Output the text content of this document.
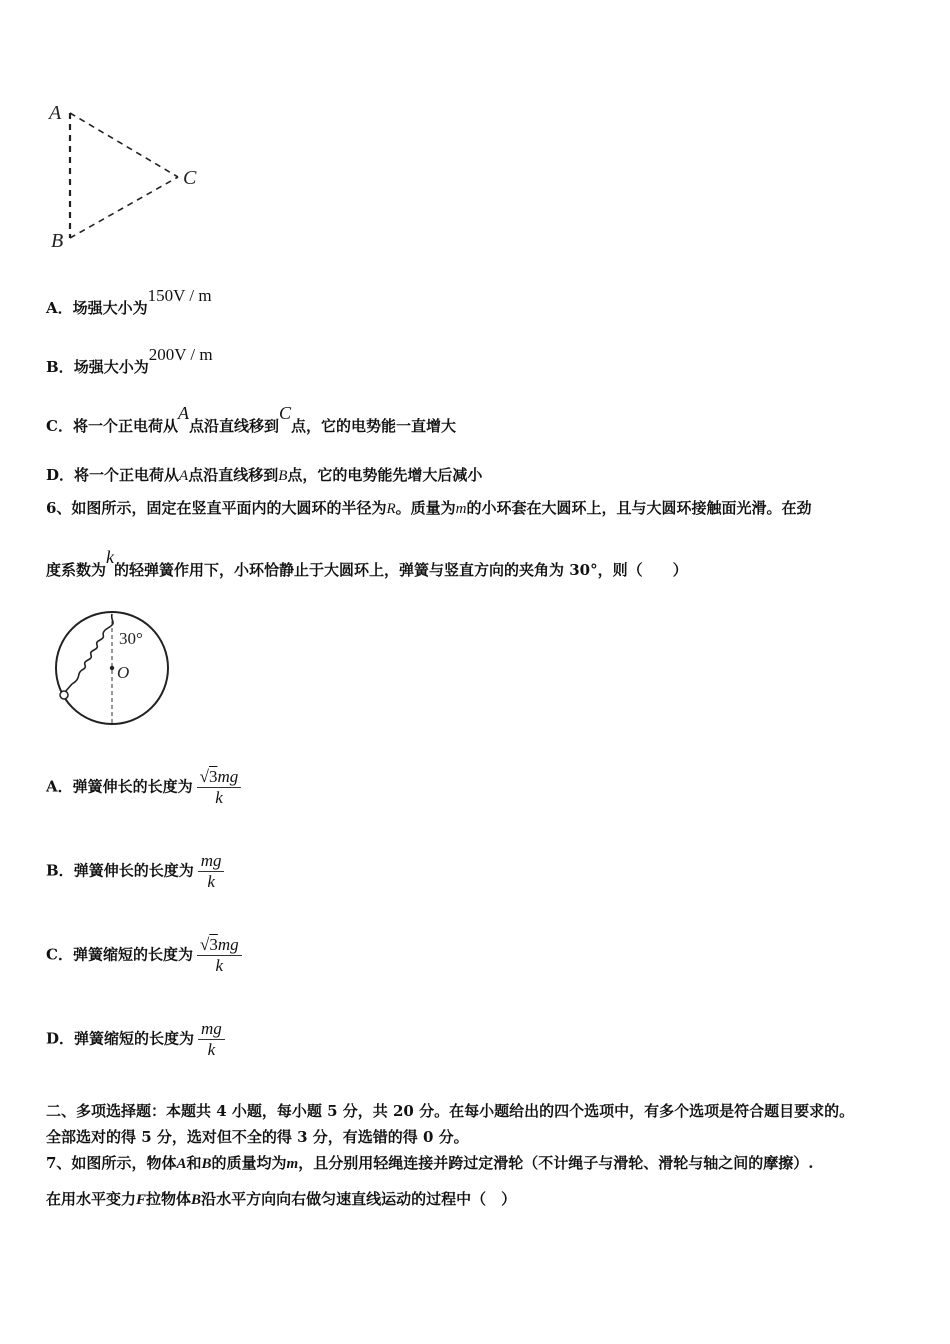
A
B
C
A．场强大小为150V / m
B．场强大小为200V / m
C．将一个正电荷从A点沿直线移到C点，它的电势能一直增大
D．将一个正电荷从A点沿直线移到B点，它的电势能先增大后减小
6、如图所示，固定在竖直平面内的大圆环的半径为R。质量为m的小环套在大圆环上，且与大圆环接触面光滑。在劲
度系数为k的轻弹簧作用下，小环恰静止于大圆环上，弹簧与竖直方向的夹角为 30°，则（　　）
30°
O
A．弹簧伸长的长度为 $\frac{√3mg}{k}$
B．弹簧伸长的长度为 $\frac{mg}{k}$
C．弹簧缩短的长度为 $\frac{√3mg}{k}$
D．弹簧缩短的长度为 $\frac{mg}{k}$
二、多项选择题：本题共 4 小题，每小题 5 分，共 20 分。在每小题给出的四个选项中，有多个选项是符合题目要求的。
全部选对的得 5 分，选对但不全的得 3 分，有选错的得 0 分。
7、如图所示，物体A和B的质量均为m，且分别用轻绳连接并跨过定滑轮（不计绳子与滑轮、滑轮与轴之间的摩擦）.
在用水平变力F拉物体B沿水平方向向右做匀速直线运动的过程中（　）
